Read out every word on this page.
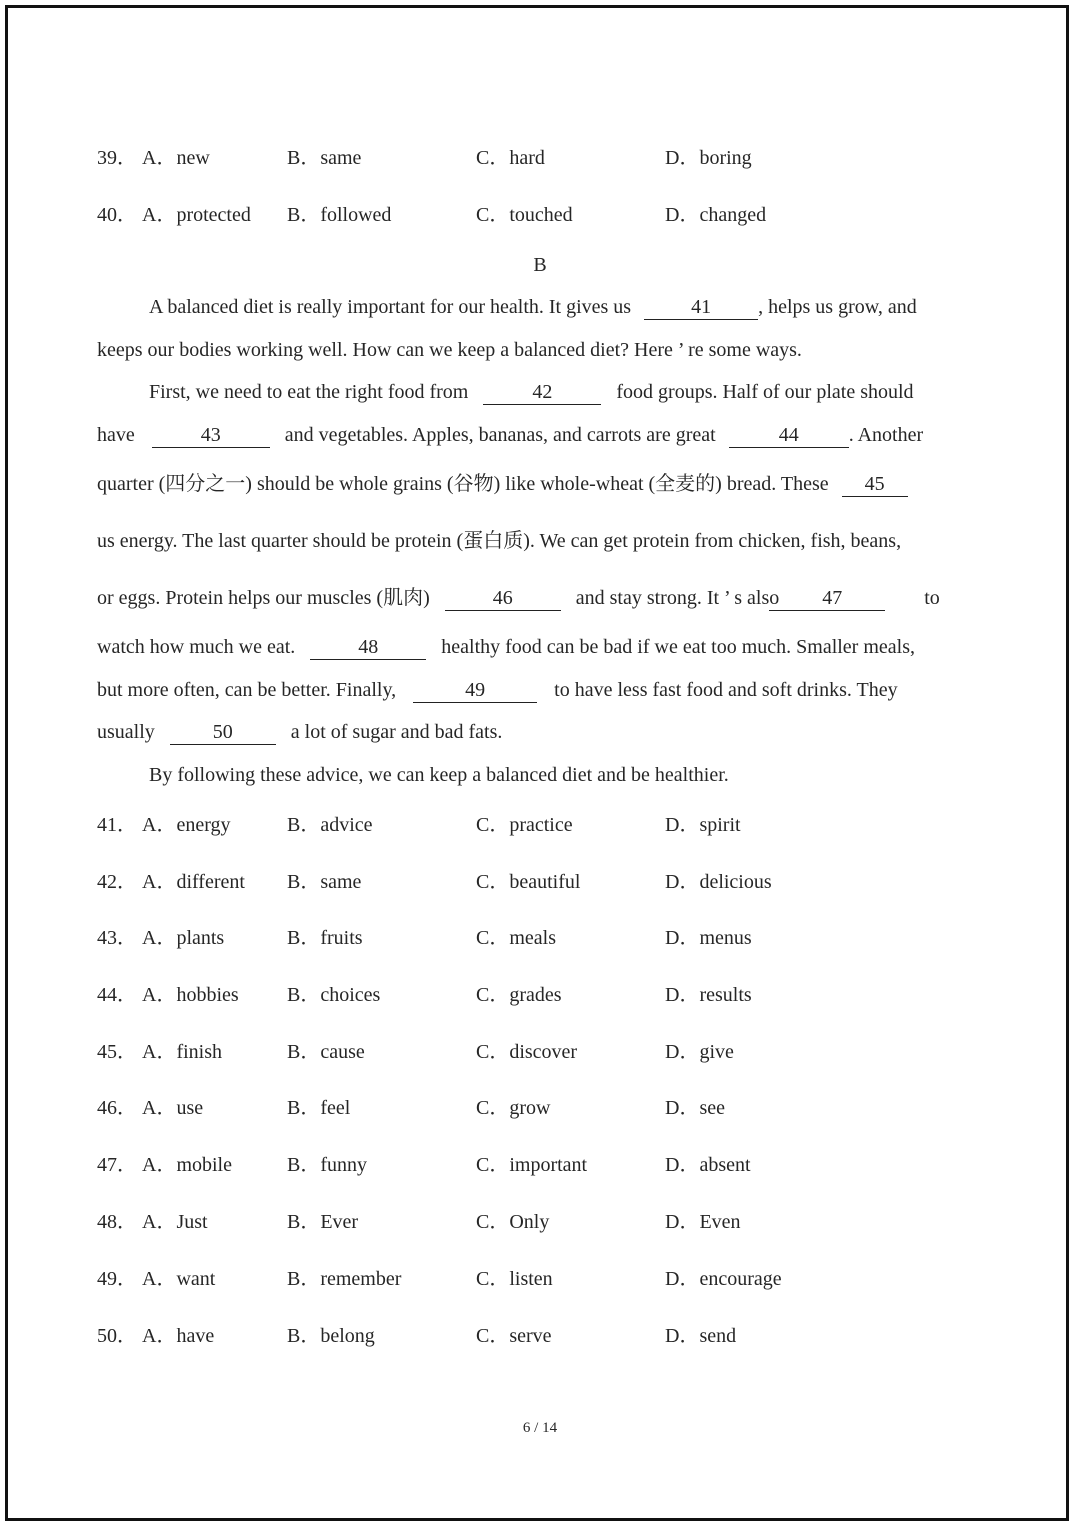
39． A．new	B．same	C．hard	D．boring
40． A．protected B．followed	C．touched	D．changed
B
A balanced diet is really important for our health. It gives us	41 , helps us grow, and
keeps our bodies working well. How can we keep a balanced diet? Here ’ re some ways.
First, we need to eat the right food from	42	food groups. Half of our plate should
have	43	and vegetables. Apples, bananas, and carrots are great	44	. Another
quarter (四分之一) should be whole grains (谷物) like whole-wheat (全麦的) bread. These 45
us energy. The last quarter should be protein (蛋白质). We can get protein from chicken, fish, beans,
or eggs. Protein helps our muscles (肌肉)	46	and stay strong. It ’ s also 47	to
watch how much we eat.	48	healthy food can be bad if we eat too much. Smaller meals,
but more often, can be better. Finally,	49	to have less fast food and soft drinks. They
usually	50	a lot of sugar and bad fats.
By following these advice, we can keep a balanced diet and be healthier.
41． A．energy	B．advice	C．practice	D．spirit
42． A．different B．same	C．beautiful	D．delicious
43． A．plants	B．fruits	C．meals	D．menus
44． A．hobbies B．choices	C．grades	D．results
45． A．finish	B．cause	C．discover	D．give
46． A．use	B．feel	C．grow	D．see
47． A．mobile	B．funny	C．important	D．absent
48． A．Just	B．Ever	C．Only	D．Even
49． A．want	B．remember	C．listen	D．encourage
50． A．have	B．belong	C．serve	D．send
6 / 14
